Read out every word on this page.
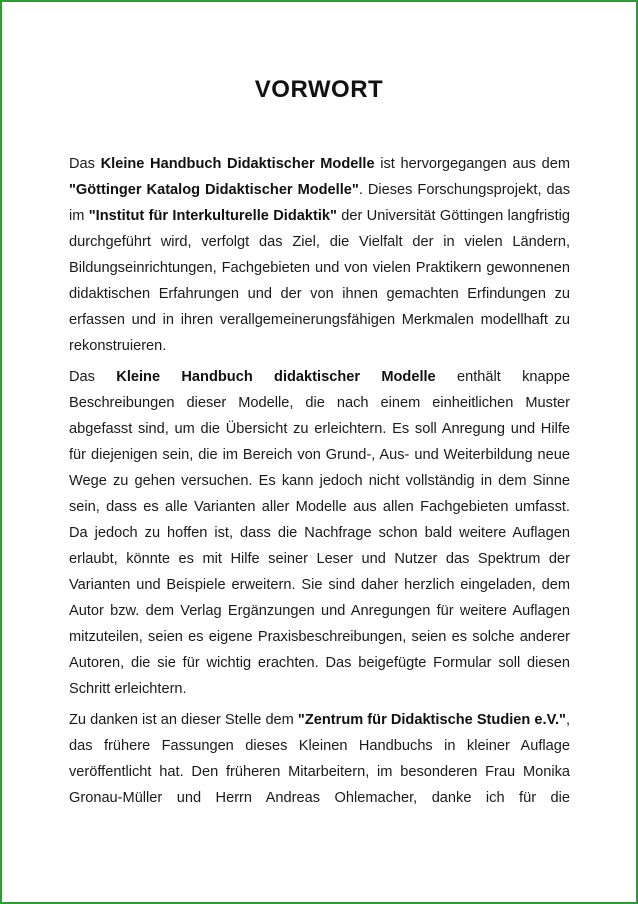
VORWORT

Das Kleine Handbuch Didaktischer Modelle ist hervorgegangen aus dem "Göttinger Katalog Didaktischer Modelle". Dieses Forschungsprojekt, das im "Institut für Interkulturelle Didaktik" der Universität Göttingen langfristig durchgeführt wird, verfolgt das Ziel, die Vielfalt der in vielen Ländern, Bildungseinrichtungen, Fachgebieten und von vielen Praktikern gewonnenen didaktischen Erfahrungen und der von ihnen gemachten Erfindungen zu erfassen und in ihren verallgemeinerungsfähigen Merkmalen modellhaft zu rekonstruieren.

Das Kleine Handbuch didaktischer Modelle enthält knappe Beschreibungen dieser Modelle, die nach einem einheitlichen Muster abgefasst sind, um die Übersicht zu erleichtern. Es soll Anregung und Hilfe für diejenigen sein, die im Bereich von Grund-, Aus- und Weiterbildung neue Wege zu gehen versuchen. Es kann jedoch nicht vollständig in dem Sinne sein, dass es alle Varianten aller Modelle aus allen Fachgebieten umfasst. Da jedoch zu hoffen ist, dass die Nachfrage schon bald weitere Auflagen erlaubt, könnte es mit Hilfe seiner Leser und Nutzer das Spektrum der Varianten und Beispiele erweitern. Sie sind daher herzlich eingeladen, dem Autor bzw. dem Verlag Ergänzungen und Anregungen für weitere Auflagen mitzuteilen, seien es eigene Praxisbeschreibungen, seien es solche anderer Autoren, die sie für wichtig erachten. Das beigefügte Formular soll diesen Schritt erleichtern.

Zu danken ist an dieser Stelle dem "Zentrum für Didaktische Studien e.V.", das frühere Fassungen dieses Kleinen Handbuchs in kleiner Auflage veröffentlicht hat. Den früheren Mitarbeitern, im besonderen Frau Monika Gronau-Müller und Herrn Andreas Ohlemacher, danke ich für die
